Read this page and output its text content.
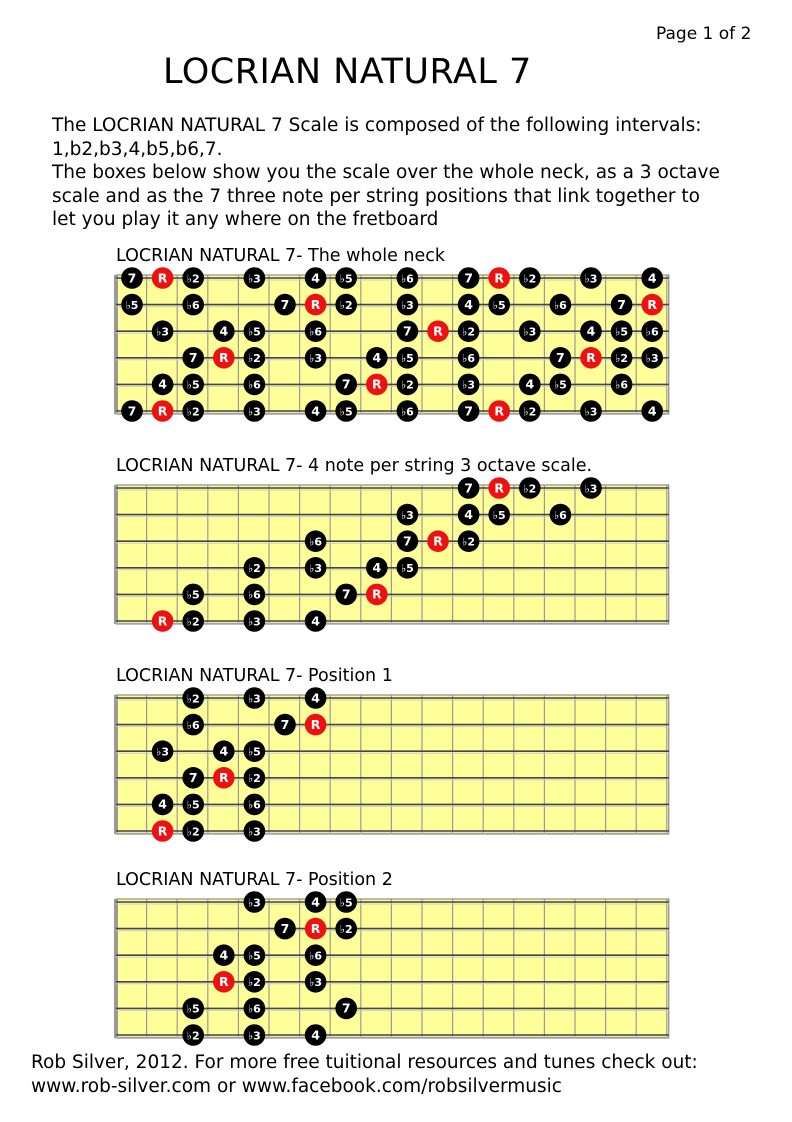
Page 1 of 2
LOCRIAN NATURAL 7
The LOCRIAN NATURAL 7 Scale is composed of the following intervals:
1,b2,b3,4,b5,b6,7.
The boxes below show you the scale over the whole neck, as a 3 octave
scale and as the 7 three note per string positions that link together to
let you play it any where on the fretboard
LOCRIAN NATURAL 7- The whole neck
7 R ♭2	♭3	4 ♭5	♭6	7 R ♭2	♭3	4
♭5	♭6	7 R ♭2	♭3	4 ♭5	♭6	7 R
♭3	4 ♭5	♭6	7 R ♭2	♭3	4 ♭5 ♭6
7 R ♭2	♭3	4 ♭5	♭6	7 R ♭2 ♭3
4 ♭5	♭6	7 R ♭2	♭3	4 ♭5	♭6
7 R ♭2	♭3	4 ♭5	♭6	7 R ♭2	♭3	4
LOCRIAN NATURAL 7- 4 note per string 3 octave scale.
7 R ♭2	♭3
♭3	4 ♭5	♭6
♭6	7 R ♭2
♭2	♭3	4 ♭5
♭5	♭6	7 R
R ♭2	♭3	4
LOCRIAN NATURAL 7- Position 1
♭2	♭3	4
♭6	7 R
♭3	4 ♭5
7 R ♭2
4 ♭5	♭6
R ♭2	♭3
LOCRIAN NATURAL 7- Position 2
♭3	4 ♭5
7 R ♭2
4 ♭5	♭6
R ♭2	♭3
♭5	♭6	7
♭2	♭3	4
Rob Silver, 2012. For more free tuitional resources and tunes check out:
www.rob-silver.com or www.facebook.com/robsilvermusic
